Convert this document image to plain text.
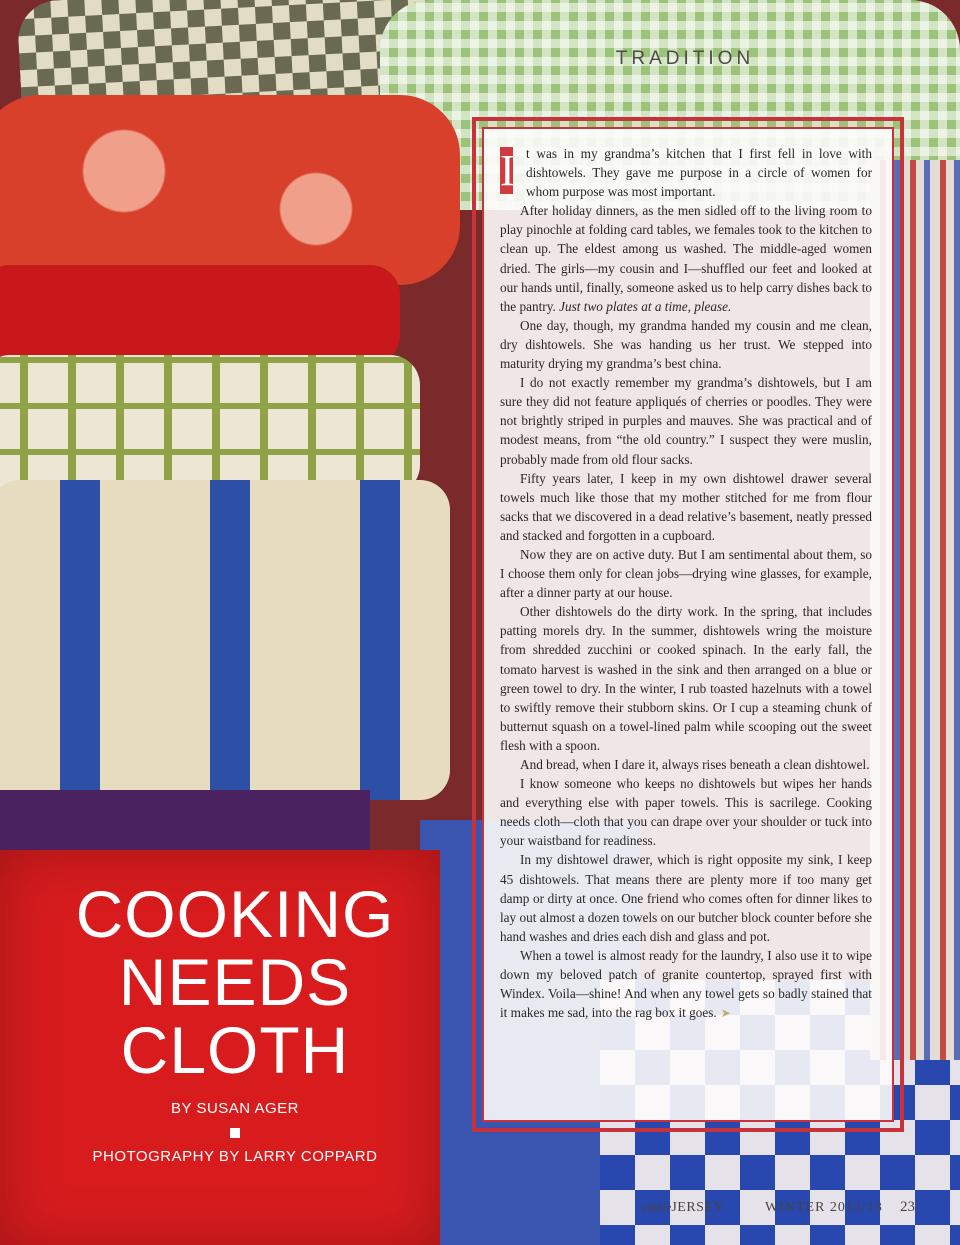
TRADITION

I t was in my grandma’s kitchen that I first fell in love with dishtowels. They gave me purpose in a circle of women for whom purpose was most important.

After holiday dinners, as the men sidled off to the living room to play pinochle at folding card tables, we females took to the kitchen to clean up. The eldest among us washed. The middle-aged women dried. The girls—my cousin and I—shuffled our feet and looked at our hands until, finally, someone asked us to help carry dishes back to the pantry. Just two plates at a time, please.

One day, though, my grandma handed my cousin and me clean, dry dishtowels. She was handing us her trust. We stepped into maturity drying my grandma’s best china.

I do not exactly remember my grandma’s dishtowels, but I am sure they did not feature appliqués of cherries or poodles. They were not brightly striped in purples and mauves. She was practical and of modest means, from “the old country.” I suspect they were muslin, probably made from old flour sacks.

Fifty years later, I keep in my own dishtowel drawer several towels much like those that my mother stitched for me from flour sacks that we discovered in a dead relative’s basement, neatly pressed and stacked and forgotten in a cupboard.

Now they are on active duty. But I am sentimental about them, so I choose them only for clean jobs—drying wine glasses, for example, after a dinner party at our house.

Other dishtowels do the dirty work. In the spring, that includes patting morels dry. In the summer, dishtowels wring the moisture from shredded zucchini or cooked spinach. In the early fall, the tomato harvest is washed in the sink and then arranged on a blue or green towel to dry. In the winter, I rub toasted hazelnuts with a towel to swiftly remove their stubborn skins. Or I cup a steaming chunk of butternut squash on a towel-lined palm while scooping out the sweet flesh with a spoon.

And bread, when I dare it, always rises beneath a clean dishtowel.

I know someone who keeps no dishtowels but wipes her hands and everything else with paper towels. This is sacrilege. Cooking needs cloth—cloth that you can drape over your shoulder or tuck into your waistband for readiness.

In my dishtowel drawer, which is right opposite my sink, I keep 45 dishtowels. That means there are plenty more if too many get damp or dirty at once. One friend who comes often for dinner likes to lay out almost a dozen towels on our butcher block counter before she hand washes and dries each dish and glass and pot.

When a towel is almost ready for the laundry, I also use it to wipe down my beloved patch of granite countertop, sprayed first with Windex. Voila—shine! And when any towel gets so badly stained that it makes me sad, into the rag box it goes. ➤

COOKING
NEEDS
CLOTH
BY SUSAN AGER
PHOTOGRAPHY BY LARRY COPPARD
edibleJERSEY	WINTER 2012/13 23
